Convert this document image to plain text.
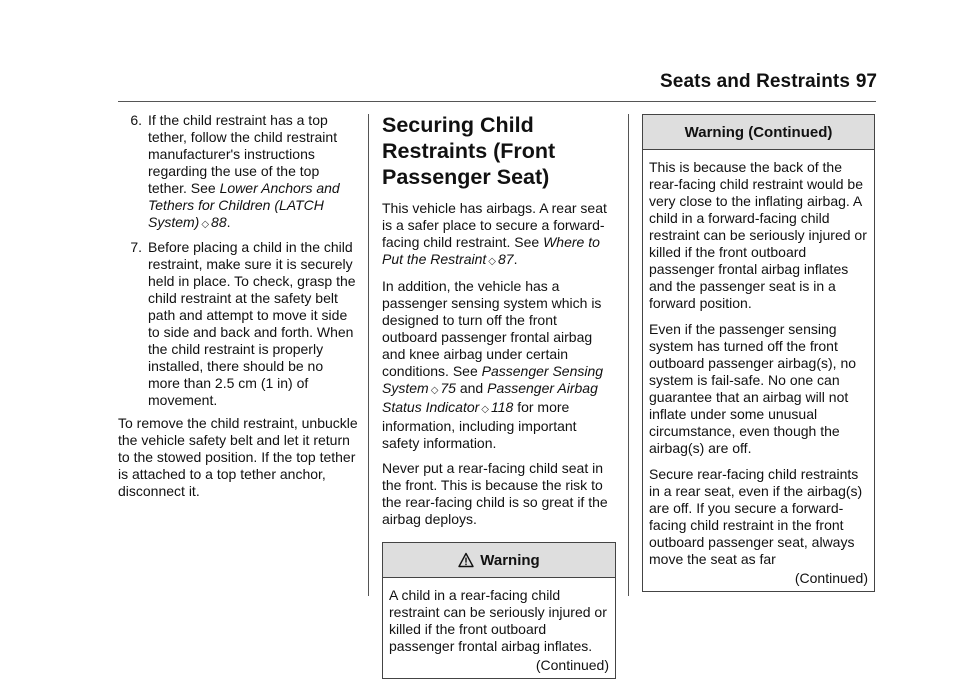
Seats and Restraints 97
6. If the child restraint has a top tether, follow the child restraint manufacturer's instructions regarding the use of the top tether. See Lower Anchors and Tethers for Children (LATCH System) ◇ 88.
7. Before placing a child in the child restraint, make sure it is securely held in place. To check, grasp the child restraint at the safety belt path and attempt to move it side to side and back and forth. When the child restraint is properly installed, there should be no more than 2.5 cm (1 in) of movement.

To remove the child restraint, unbuckle the vehicle safety belt and let it return to the stowed position. If the top tether is attached to a top tether anchor, disconnect it.

Securing Child Restraints (Front Passenger Seat)

This vehicle has airbags. A rear seat is a safer place to secure a forward-facing child restraint. See Where to Put the Restraint ◇ 87.

In addition, the vehicle has a passenger sensing system which is designed to turn off the front outboard passenger frontal airbag and knee airbag under certain conditions. See Passenger Sensing System ◇ 75 and Passenger Airbag Status Indicator ◇ 118 for more information, including important safety information.

Never put a rear-facing child seat in the front. This is because the risk to the rear-facing child is so great if the airbag deploys.

Warning
A child in a rear-facing child restraint can be seriously injured or killed if the front outboard passenger frontal airbag inflates.
(Continued)
Warning (Continued)

This is because the back of the rear-facing child restraint would be very close to the inflating airbag. A child in a forward-facing child restraint can be seriously injured or killed if the front outboard passenger frontal airbag inflates and the passenger seat is in a forward position.

Even if the passenger sensing system has turned off the front outboard passenger airbag(s), no system is fail-safe. No one can guarantee that an airbag will not inflate under some unusual circumstance, even though the airbag(s) are off.

Secure rear-facing child restraints in a rear seat, even if the airbag(s) are off. If you secure a forward-facing child restraint in the front outboard passenger seat, always move the seat as far

(Continued)
